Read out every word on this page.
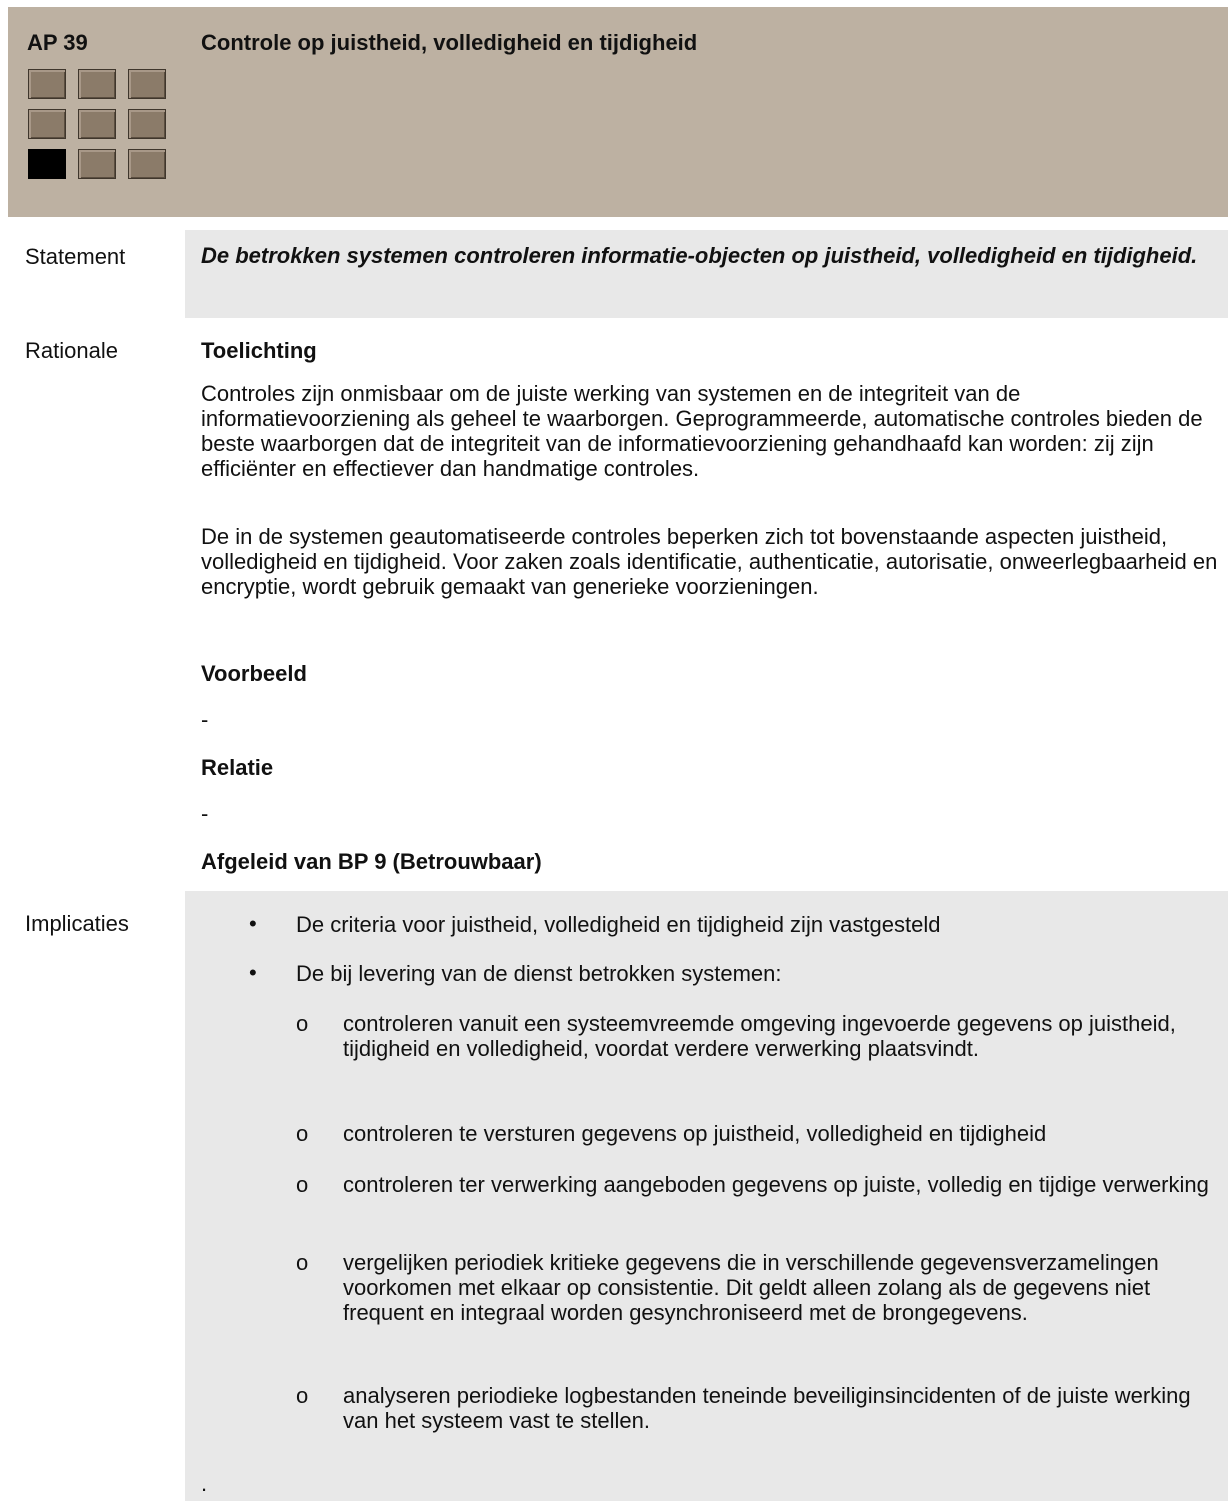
AP 39	Controle op juistheid, volledigheid en tijdigheid
Statement	De betrokken systemen controleren informatie-objecten op juistheid, volledigheid en tijdigheid.
Rationale	Toelichting
Controles zijn onmisbaar om de juiste werking van systemen en de integriteit van de informatievoorziening als geheel te waarborgen. Geprogrammeerde, automatische controles bieden de beste waarborgen dat de integriteit van de informatievoorziening gehandhaafd kan worden: zij zijn efficiënter en effectiever dan handmatige controles.
De in de systemen geautomatiseerde controles beperken zich tot bovenstaande aspecten juistheid, volledigheid en tijdigheid. Voor zaken zoals identificatie, authenticatie, autorisatie, onweerlegbaarheid en encryptie, wordt gebruik gemaakt van generieke voorzieningen.
Voorbeeld
-
Relatie
-
Afgeleid van BP 9 (Betrouwbaar)
Implicaties	• De criteria voor juistheid, volledigheid en tijdigheid zijn vastgesteld
• De bij levering van de dienst betrokken systemen:
o controleren vanuit een systeemvreemde omgeving ingevoerde gegevens op juistheid, tijdigheid en volledigheid, voordat verdere verwerking plaatsvindt.
o controleren te versturen gegevens op juistheid, volledigheid en tijdigheid
o controleren ter verwerking aangeboden gegevens op juiste, volledig en tijdige verwerking
o vergelijken periodiek kritieke gegevens die in verschillende gegevensverzamelingen voorkomen met elkaar op consistentie. Dit geldt alleen zolang als de gegevens niet frequent en integraal worden gesynchroniseerd met de brongegevens.
o analyseren periodieke logbestanden teneinde beveiliginsincidenten of de juiste werking van het systeem vast te stellen.
.
